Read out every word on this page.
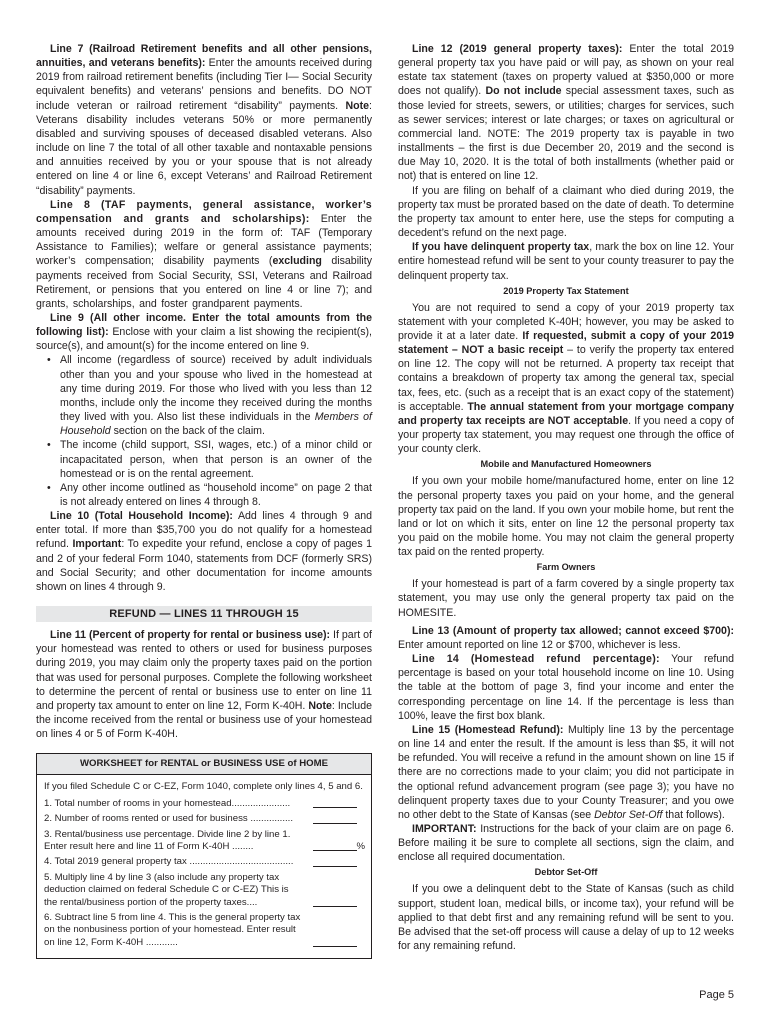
Line 7 (Railroad Retirement benefits and all other pensions, annuities, and veterans benefits): Enter the amounts received during 2019 from railroad retirement benefits (including Tier I— Social Security equivalent benefits) and veterans’ pensions and benefits. DO NOT include veteran or railroad retirement “disability” payments. Note: Veterans disability includes veterans 50% or more permanently disabled and surviving spouses of deceased disabled veterans. Also include on line 7 the total of all other taxable and nontaxable pensions and annuities received by you or your spouse that is not already entered on line 4 or line 6, except Veterans’ and Railroad Retirement “disability” payments.

Line 8 (TAF payments, general assistance, worker’s compensation and grants and scholarships): Enter the amounts received during 2019 in the form of: TAF (Temporary Assistance to Families); welfare or general assistance payments; worker’s compensation; disability payments (excluding disability payments received from Social Security, SSI, Veterans and Railroad Retirement, or pensions that you entered on line 4 or line 7); and grants, scholarships, and foster grandparent payments.

Line 9 (All other income. Enter the total amounts from the following list): Enclose with your claim a list showing the recipient(s), source(s), and amount(s) for the income entered on line 9.

• All income (regardless of source) received by adult individuals other than you and your spouse who lived in the homestead at any time during 2019. For those who lived with you less than 12 months, include only the income they received during the months they lived with you. Also list these individuals in the Members of Household section on the back of the claim.
• The income (child support, SSI, wages, etc.) of a minor child or incapacitated person, when that person is an owner of the homestead or is on the rental agreement.
• Any other income outlined as “household income” on page 2 that is not already entered on lines 4 through 8.

Line 10 (Total Household Income): Add lines 4 through 9 and enter total. If more than $35,700 you do not qualify for a homestead refund. Important: To expedite your refund, enclose a copy of pages 1 and 2 of your federal Form 1040, statements from DCF (formerly SRS) and Social Security; and other documentation for income amounts shown on lines 4 through 9.

REFUND — LINES 11 THROUGH 15

Line 11 (Percent of property for rental or business use): If part of your homestead was rented to others or used for business purposes during 2019, you may claim only the property taxes paid on the portion that was used for personal purposes. Complete the following worksheet to determine the percent of rental or business use to enter on line 11 and property tax amount to enter on line 12, Form K-40H. Note: Include the income received from the rental or business use of your homestead on lines 4 or 5 of Form K-40H.

WORKSHEET for RENTAL or BUSINESS USE of HOME
If you filed Schedule C or C-EZ, Form 1040, complete only lines 4, 5 and 6.
1. Total number of rooms in your homestead......................
2. Number of rooms rented or used for business ................
3. Rental/business use percentage. Divide line 2 by line 1. Enter result here and line 11 of Form K-40H ........	%
4. Total 2019 general property tax .......................................
5. Multiply line 4 by line 3 (also include any property tax deduction claimed on federal Schedule C or C-EZ) This is the rental/business portion of the property taxes....
6. Subtract line 5 from line 4. This is the general property tax on the nonbusiness portion of your homestead. Enter result on line 12, Form K-40H ............

Line 12 (2019 general property taxes): Enter the total 2019 general property tax you have paid or will pay, as shown on your real estate tax statement (taxes on property valued at $350,000 or more does not qualify). Do not include special assessment taxes, such as those levied for streets, sewers, or utilities; charges for services, such as sewer services; interest or late charges; or taxes on agricultural or commercial land. NOTE: The 2019 property tax is payable in two installments – the first is due December 20, 2019 and the second is due May 10, 2020. It is the total of both installments (whether paid or not) that is entered on line 12.

If you are filing on behalf of a claimant who died during 2019, the property tax must be prorated based on the date of death. To determine the property tax amount to enter here, use the steps for computing a decedent’s refund on the next page.

If you have delinquent property tax, mark the box on line 12. Your entire homestead refund will be sent to your county treasurer to pay the delinquent property tax.

2019 Property Tax Statement

You are not required to send a copy of your 2019 property tax statement with your completed K-40H; however, you may be asked to provide it at a later date. If requested, submit a copy of your 2019 statement – NOT a basic receipt – to verify the property tax entered on line 12. The copy will not be returned. A property tax receipt that contains a breakdown of property tax among the general tax, special tax, fees, etc. (such as a receipt that is an exact copy of the statement) is acceptable. The annual statement from your mortgage company and property tax receipts are NOT acceptable. If you need a copy of your property tax statement, you may request one through the office of your county clerk.

Mobile and Manufactured Homeowners

If you own your mobile home/manufactured home, enter on line 12 the personal property taxes you paid on your home, and the general property tax paid on the land. If you own your mobile home, but rent the land or lot on which it sits, enter on line 12 the personal property tax you paid on the mobile home. You may not claim the general property tax paid on the rented property.

Farm Owners

If your homestead is part of a farm covered by a single property tax statement, you may use only the general property tax paid on the HOMESITE.

Line 13 (Amount of property tax allowed; cannot exceed $700): Enter amount reported on line 12 or $700, whichever is less.

Line 14 (Homestead refund percentage): Your refund percentage is based on your total household income on line 10. Using the table at the bottom of page 3, find your income and enter the corresponding percentage on line 14. If the percentage is less than 100%, leave the first box blank.

Line 15 (Homestead Refund): Multiply line 13 by the percentage on line 14 and enter the result. If the amount is less than $5, it will not be refunded. You will receive a refund in the amount shown on line 15 if there are no corrections made to your claim; you did not participate in the optional refund advancement program (see page 3); you have no delinquent property taxes due to your County Treasurer; and you owe no other debt to the State of Kansas (see Debtor Set-Off that follows).

IMPORTANT: Instructions for the back of your claim are on page 6. Before mailing it be sure to complete all sections, sign the claim, and enclose all required documentation.

Debtor Set-Off

If you owe a delinquent debt to the State of Kansas (such as child support, student loan, medical bills, or income tax), your refund will be applied to that debt first and any remaining refund will be sent to you. Be advised that the set-off process will cause a delay of up to 12 weeks for any remaining refund.

Page 5
